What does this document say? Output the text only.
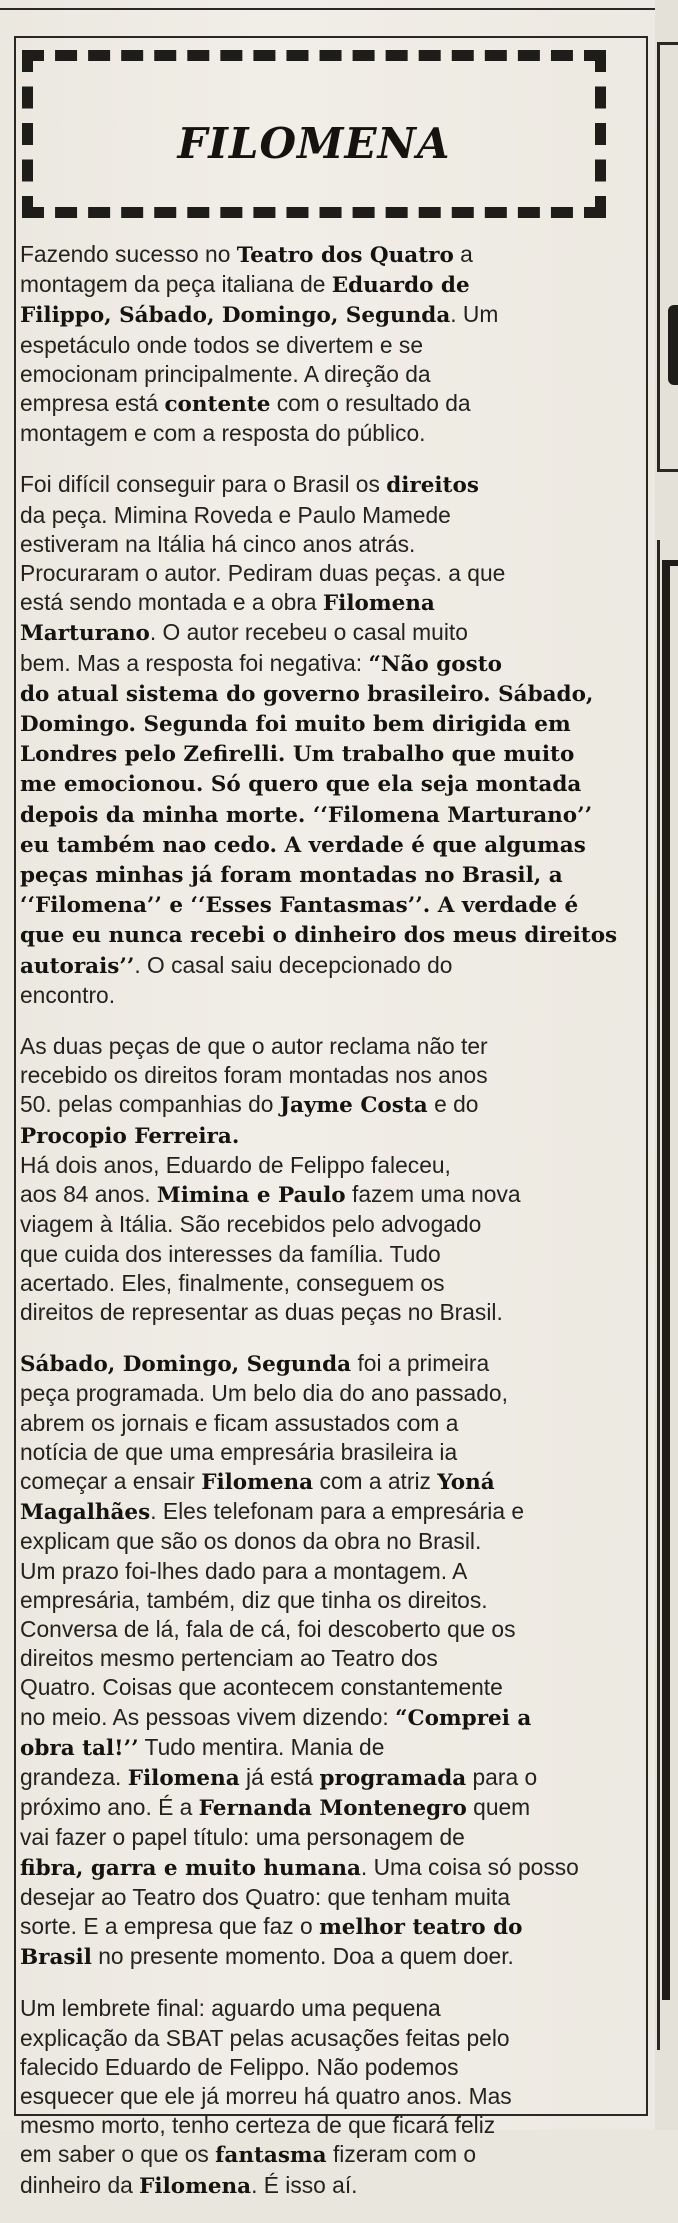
FILOMENA

Fazendo sucesso no Teatro dos Quatro a
montagem da peça italiana de Eduardo de
Filippo, Sábado, Domingo, Segunda. Um
espetáculo onde todos se divertem e se
emocionam principalmente. A direção da
empresa está contente com o resultado da
montagem e com a resposta do público.

Foi difícil conseguir para o Brasil os direitos
da peça. Mimina Roveda e Paulo Mamede
estiveram na Itália há cinco anos atrás.
Procuraram o autor. Pediram duas peças. a que
está sendo montada e a obra Filomena
Marturano. O autor recebeu o casal muito
bem. Mas a resposta foi negativa: “Não gosto
do atual sistema do governo brasileiro. Sábado,
Domingo. Segunda foi muito bem dirigida em
Londres pelo Zefirelli. Um trabalho que muito
me emocionou. Só quero que ela seja montada
depois da minha morte. ‘‘Filomena Marturano’’
eu também nao cedo. A verdade é que algumas
peças minhas já foram montadas no Brasil, a
‘‘Filomena’’ e ‘‘Esses Fantasmas’’. A verdade é
que eu nunca recebi o dinheiro dos meus direitos
autorais’’. O casal saiu decepcionado do
encontro.

As duas peças de que o autor reclama não ter
recebido os direitos foram montadas nos anos
50. pelas companhias do Jayme Costa e do
Procopio Ferreira.
Há dois anos, Eduardo de Felippo faleceu,
aos 84 anos. Mimina e Paulo fazem uma nova
viagem à Itália. São recebidos pelo advogado
que cuida dos interesses da família. Tudo
acertado. Eles, finalmente, conseguem os
direitos de representar as duas peças no Brasil.

Sábado, Domingo, Segunda foi a primeira
peça programada. Um belo dia do ano passado,
abrem os jornais e ficam assustados com a
notícia de que uma empresária brasileira ia
começar a ensair Filomena com a atriz Yoná
Magalhães. Eles telefonam para a empresária e
explicam que são os donos da obra no Brasil.
Um prazo foi-lhes dado para a montagem. A
empresária, também, diz que tinha os direitos.
Conversa de lá, fala de cá, foi descoberto que os
direitos mesmo pertenciam ao Teatro dos
Quatro. Coisas que acontecem constantemente
no meio. As pessoas vivem dizendo: “Comprei a
obra tal!’’ Tudo mentira. Mania de
grandeza. Filomena já está programada para o
próximo ano. É a Fernanda Montenegro quem
vai fazer o papel título: uma personagem de
fibra, garra e muito humana. Uma coisa só posso
desejar ao Teatro dos Quatro: que tenham muita
sorte. E a empresa que faz o melhor teatro do
Brasil no presente momento. Doa a quem doer.

Um lembrete final: aguardo uma pequena
explicação da SBAT pelas acusações feitas pelo
falecido Eduardo de Felippo. Não podemos
esquecer que ele já morreu há quatro anos. Mas
mesmo morto, tenho certeza de que ficará feliz
em saber o que os fantasma fizeram com o
dinheiro da Filomena. É isso aí.
